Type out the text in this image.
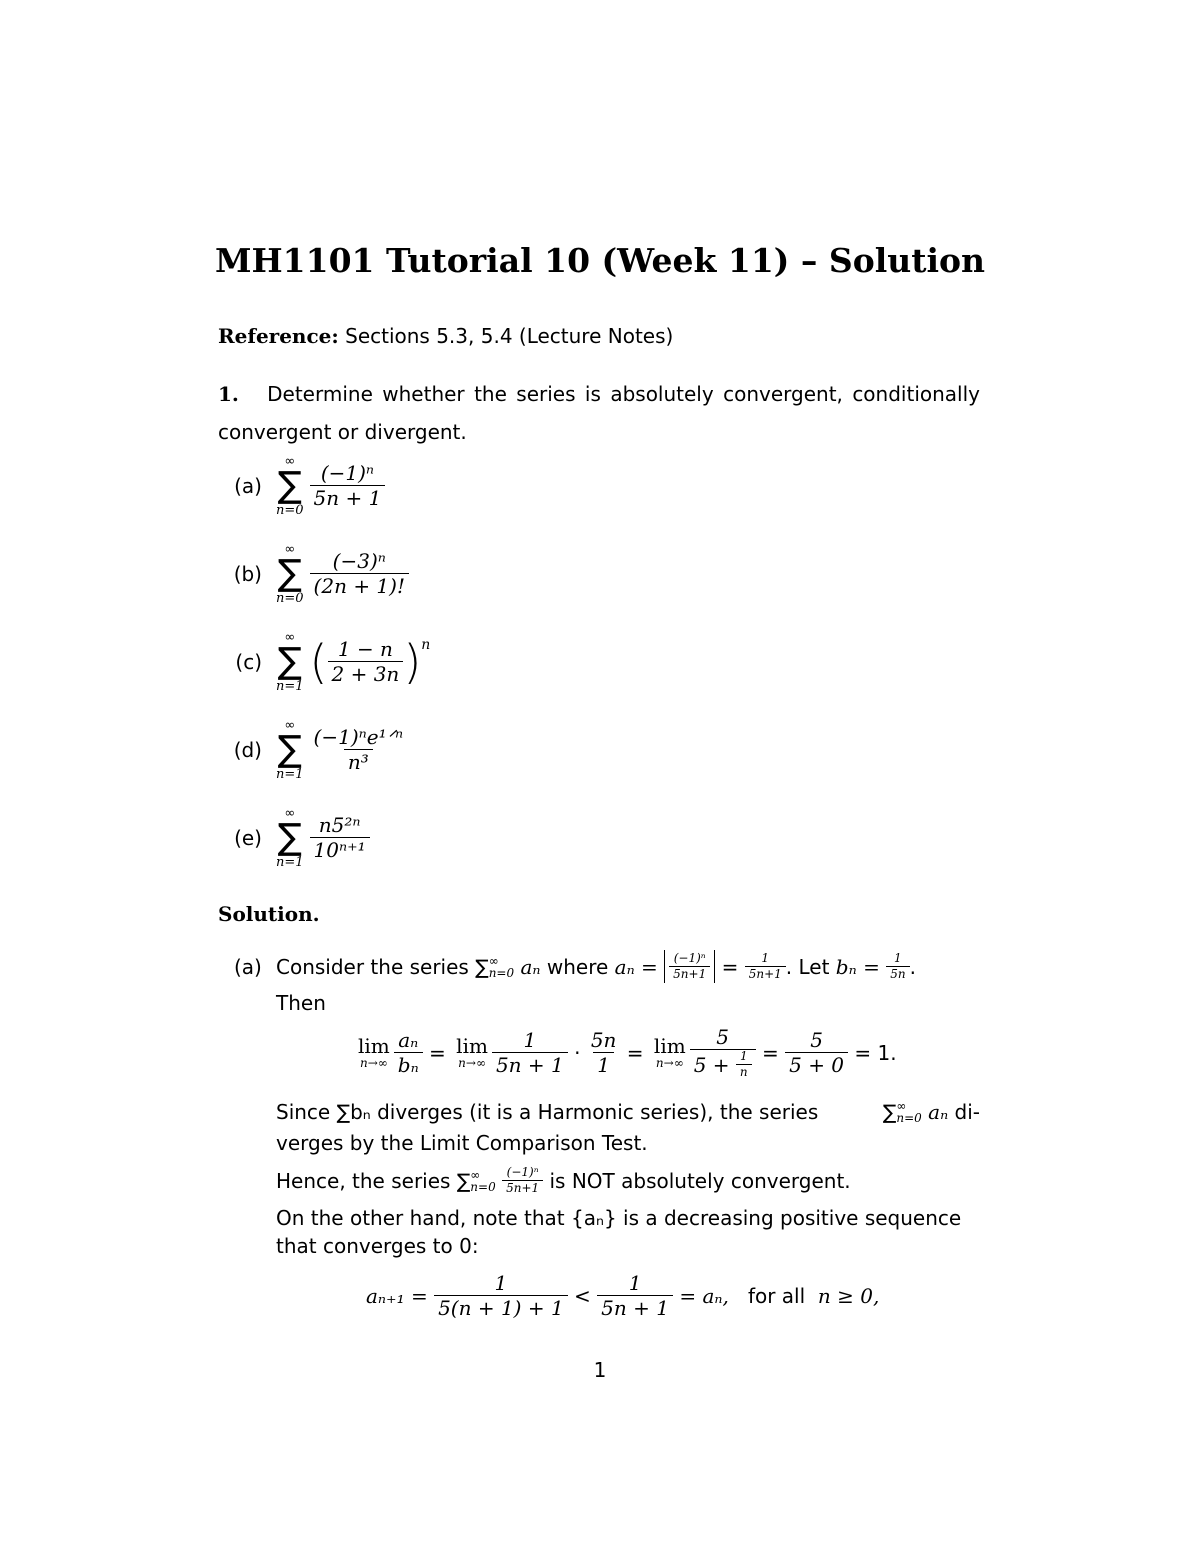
MH1101 Tutorial 10 (Week 11) – Solution
Reference:
Sections 5.3, 5.4 (Lecture Notes)
1. Determine whether the series is absolutely convergent, conditionally convergent or divergent.
(a)
∞
∑
n=0
$\frac{\text{(−1)ⁿ}}{5n + 1}$
(b)
∞
∑
n=0
$\frac{\text{(−3)ⁿ}}{(2n + 1)!}$
(c)
∞
∑
n=1 ( $\frac{1 - n}{2 + 3n}$ ) n
(d)
∞
∑
n=1
$\frac{\text{(−1)ⁿe¹ᐟⁿ}}{\text{n³}}$
(e)
∞
∑
n=1
$\frac{\text{n5²ⁿ}}{\text{10ⁿ⁺¹}}$
Solution.
(a) Consider the series
∑ ∞
n=0
aₙ
where
aₙ =
$\frac{\text{(−1)ⁿ}}{5n+1}$
=
$\frac{1}{5n+1}$ . Let
bₙ =
$\frac{1}{5n}$ .
Then
lim
$n\to\infty \frac{\text{aₙ}}{\text{bₙ}}$
=
lim
$n\to\infty \frac{1}{5n + 1}$
·
$\frac{5n}{1}$
=
lim
n→∞ 5
5 +
$\frac{1}{n}$
=
$\frac{5}{5 + 0}$
= 1.
Since ∑bₙ diverges (it is a Harmonic series), the series	∑ ∞
n=0
aₙ
di-
verges by the Limit Comparison Test.
Hence, the series
∑ ∞
n=0
$\frac{\text{(−1)ⁿ}}{5n+1}$
is NOT absolutely convergent.
On the other hand, note that {aₙ} is a decreasing positive sequence
that converges to 0:
aₙ₊₁ =
$\frac{1}{5(n + 1) + 1}$
<
$\frac{1}{5n + 1}$
= aₙ,
for all
n ≥ 0,
1
